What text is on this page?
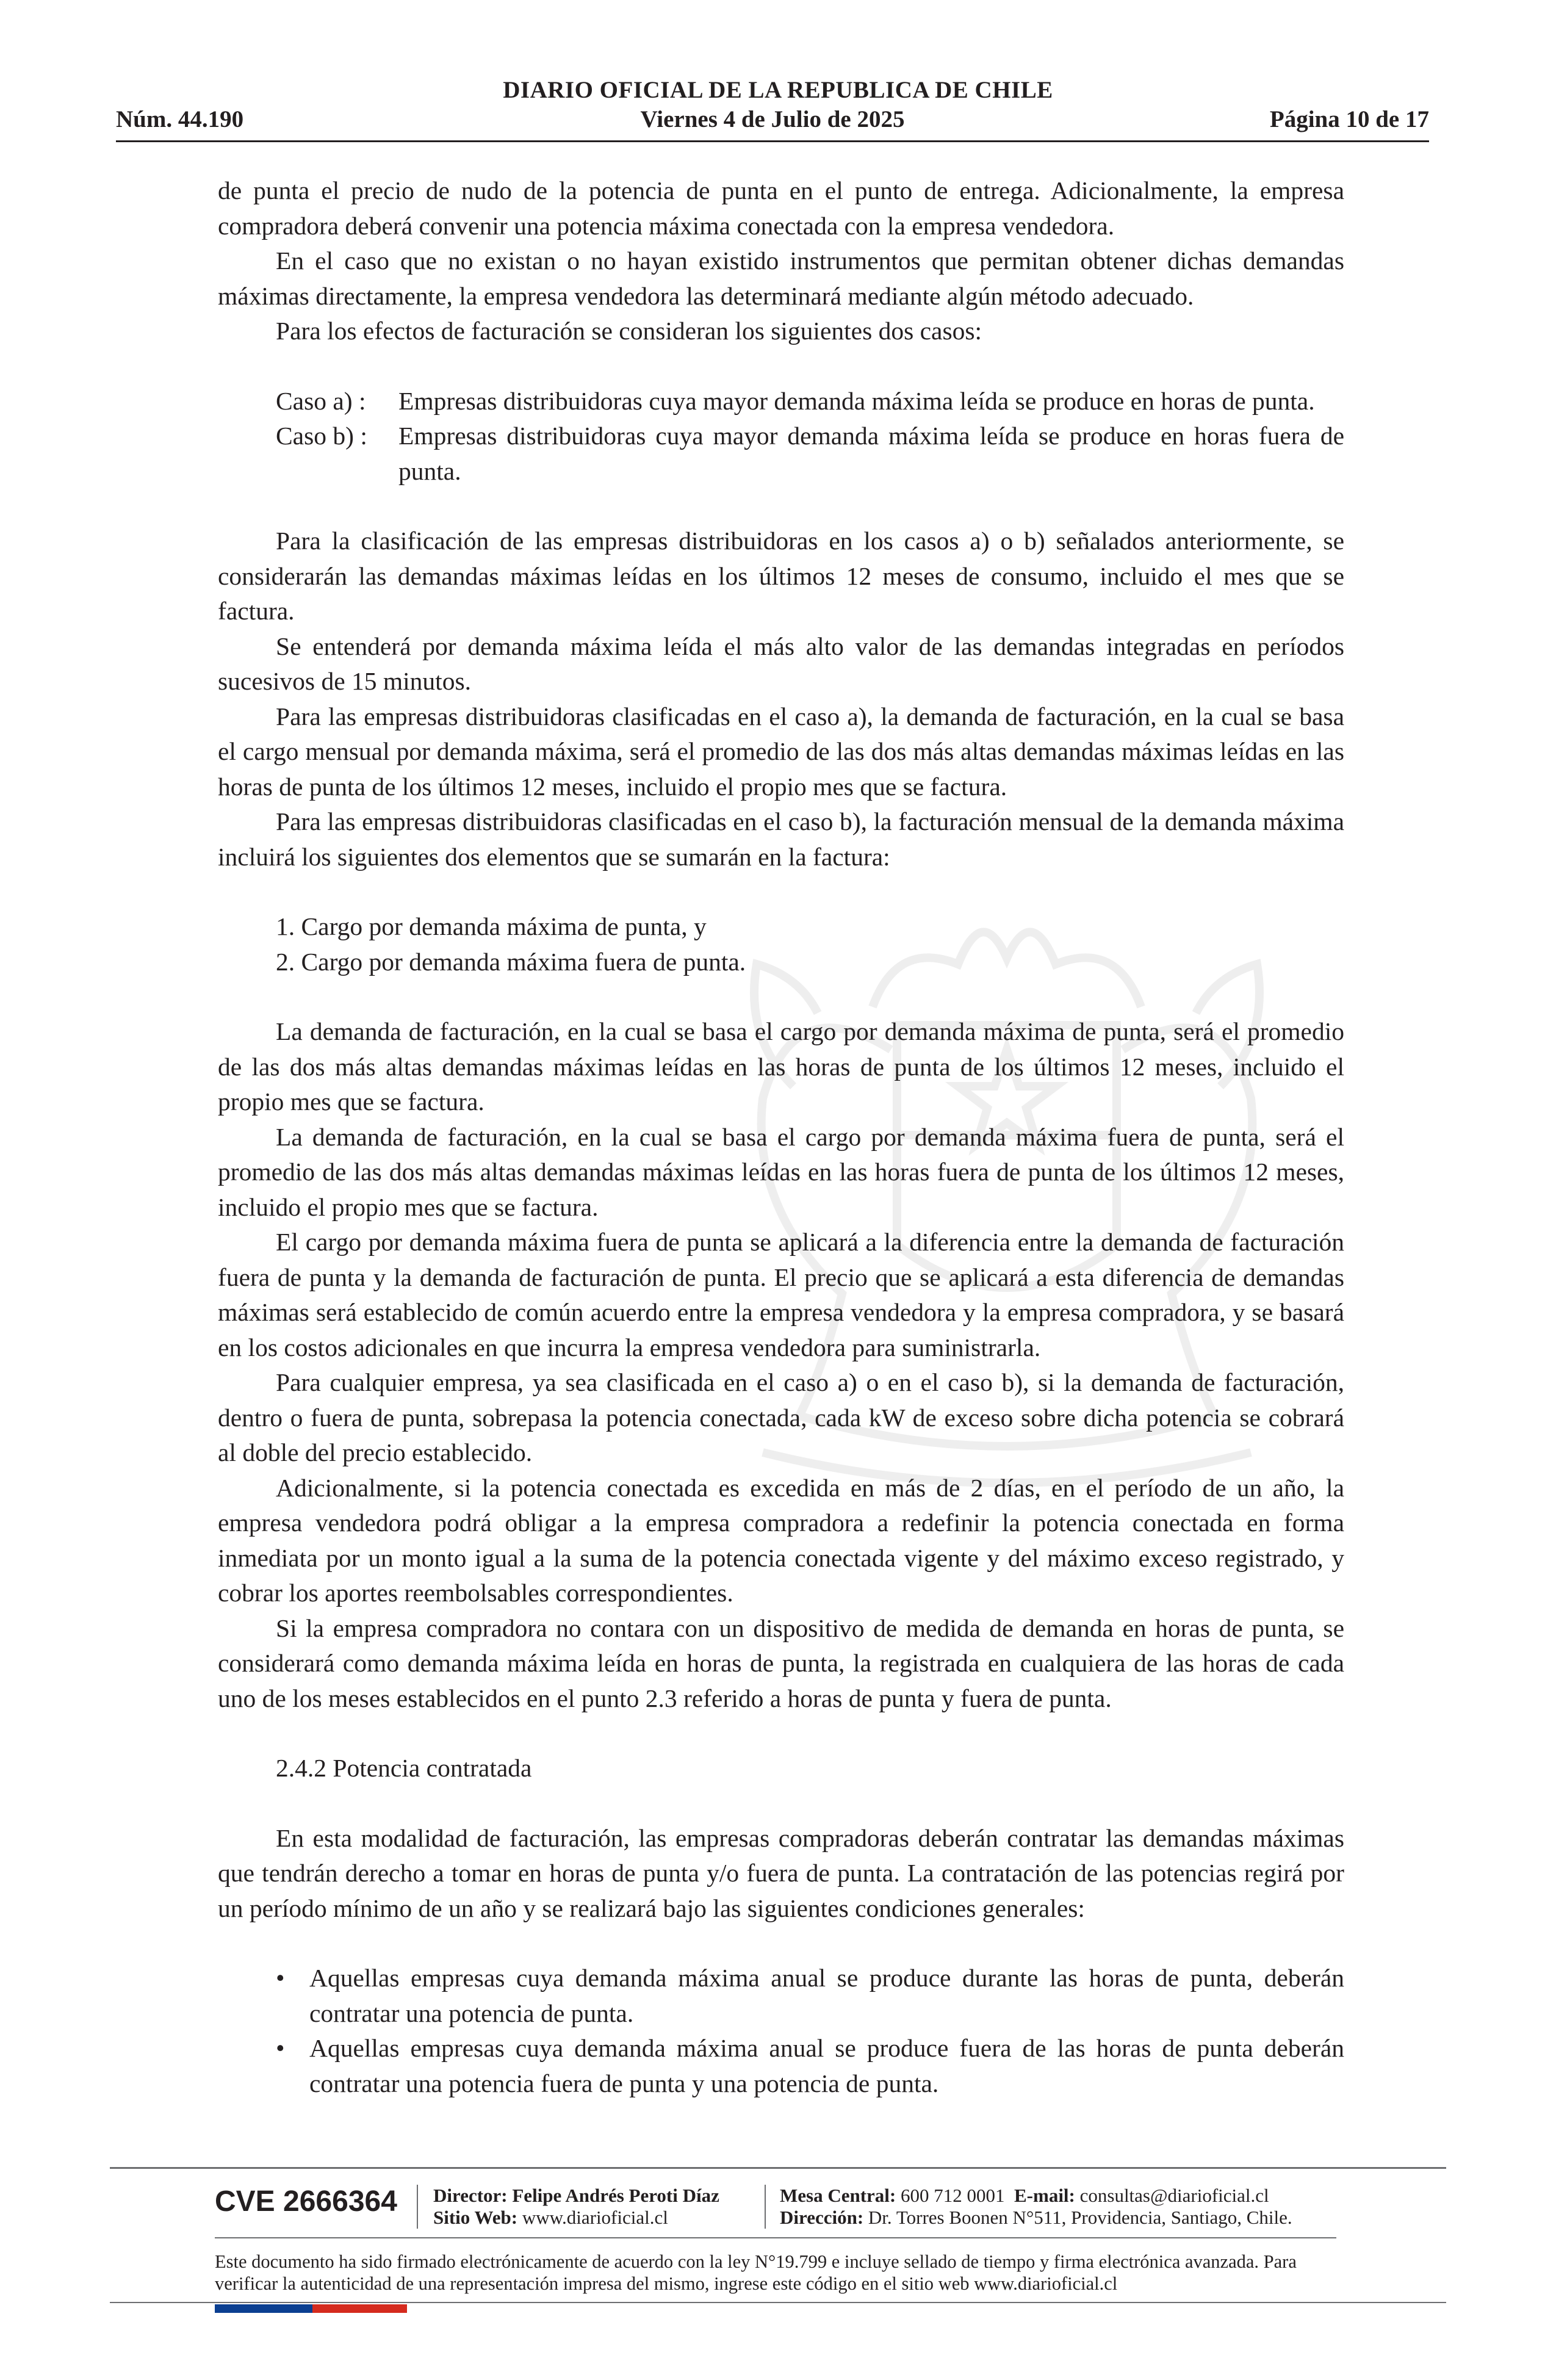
DIARIO OFICIAL DE LA REPUBLICA DE CHILE
Viernes 4 de Julio de 2025
Núm. 44.190	Página 10 de 17

de punta el precio de nudo de la potencia de punta en el punto de entrega. Adicionalmente, la empresa compradora deberá convenir una potencia máxima conectada con la empresa vendedora.

En el caso que no existan o no hayan existido instrumentos que permitan obtener dichas demandas máximas directamente, la empresa vendedora las determinará mediante algún método adecuado.

Para los efectos de facturación se consideran los siguientes dos casos:

Caso a) : Empresas distribuidoras cuya mayor demanda máxima leída se produce en horas de punta.
Caso b) : Empresas distribuidoras cuya mayor demanda máxima leída se produce en horas fuera de punta.

Para la clasificación de las empresas distribuidoras en los casos a) o b) señalados anteriormente, se considerarán las demandas máximas leídas en los últimos 12 meses de consumo, incluido el mes que se factura.

Se entenderá por demanda máxima leída el más alto valor de las demandas integradas en períodos sucesivos de 15 minutos.

Para las empresas distribuidoras clasificadas en el caso a), la demanda de facturación, en la cual se basa el cargo mensual por demanda máxima, será el promedio de las dos más altas demandas máximas leídas en las horas de punta de los últimos 12 meses, incluido el propio mes que se factura.

Para las empresas distribuidoras clasificadas en el caso b), la facturación mensual de la demanda máxima incluirá los siguientes dos elementos que se sumarán en la factura:

1. Cargo por demanda máxima de punta, y

2. Cargo por demanda máxima fuera de punta.

La demanda de facturación, en la cual se basa el cargo por demanda máxima de punta, será el promedio de las dos más altas demandas máximas leídas en las horas de punta de los últimos 12 meses, incluido el propio mes que se factura.

La demanda de facturación, en la cual se basa el cargo por demanda máxima fuera de punta, será el promedio de las dos más altas demandas máximas leídas en las horas fuera de punta de los últimos 12 meses, incluido el propio mes que se factura.

El cargo por demanda máxima fuera de punta se aplicará a la diferencia entre la demanda de facturación fuera de punta y la demanda de facturación de punta. El precio que se aplicará a esta diferencia de demandas máximas será establecido de común acuerdo entre la empresa vendedora y la empresa compradora, y se basará en los costos adicionales en que incurra la empresa vendedora para suministrarla.

Para cualquier empresa, ya sea clasificada en el caso a) o en el caso b), si la demanda de facturación, dentro o fuera de punta, sobrepasa la potencia conectada, cada kW de exceso sobre dicha potencia se cobrará al doble del precio establecido.

Adicionalmente, si la potencia conectada es excedida en más de 2 días, en el período de un año, la empresa vendedora podrá obligar a la empresa compradora a redefinir la potencia conectada en forma inmediata por un monto igual a la suma de la potencia conectada vigente y del máximo exceso registrado, y cobrar los aportes reembolsables correspondientes.

Si la empresa compradora no contara con un dispositivo de medida de demanda en horas de punta, se considerará como demanda máxima leída en horas de punta, la registrada en cualquiera de las horas de cada uno de los meses establecidos en el punto 2.3 referido a horas de punta y fuera de punta.

2.4.2 Potencia contratada

En esta modalidad de facturación, las empresas compradoras deberán contratar las demandas máximas que tendrán derecho a tomar en horas de punta y/o fuera de punta. La contratación de las potencias regirá por un período mínimo de un año y se realizará bajo las siguientes condiciones generales:

• Aquellas empresas cuya demanda máxima anual se produce durante las horas de punta, deberán contratar una potencia de punta.
• Aquellas empresas cuya demanda máxima anual se produce fuera de las horas de punta deberán contratar una potencia fuera de punta y una potencia de punta.
CVE 2666364 Director: Felipe Andrés Peroti Díaz
Sitio Web: www.diarioficial.cl
Mesa Central: 600 712 0001 E-mail: consultas@diarioficial.cl
Dirección: Dr. Torres Boonen N°511, Providencia, Santiago, Chile.
Este documento ha sido firmado electrónicamente de acuerdo con la ley N°19.799 e incluye sellado de tiempo y firma electrónica avanzada. Para verificar la autenticidad de una representación impresa del mismo, ingrese este código en el sitio web www.diarioficial.cl
